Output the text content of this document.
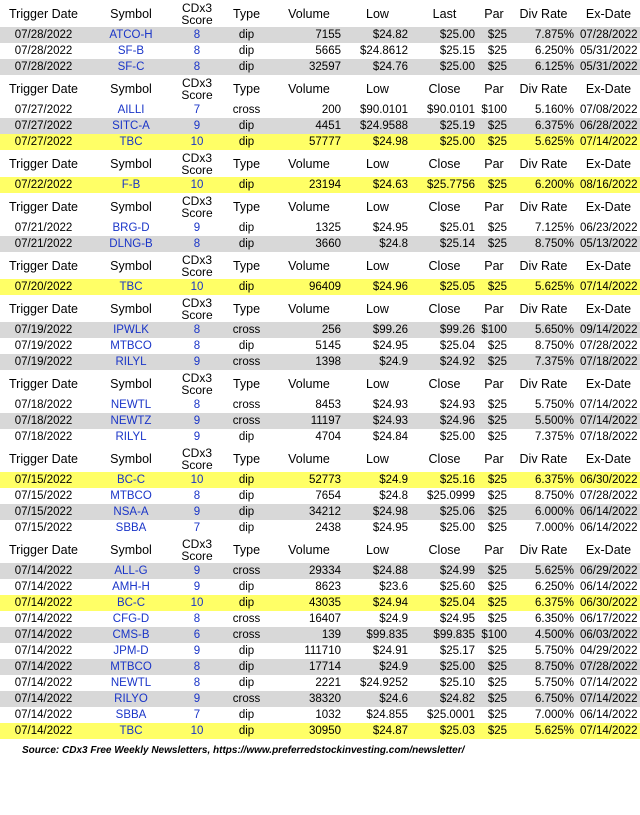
Trigger Date	Symbol	CDx3
Score	Type	Volume	Low	Last	Par	Div Rate	Ex-Date
07/28/2022	ATCO-H	8	dip	7155	$24.82	$25.00	$25	7.875%	07/28/2022
07/28/2022	SF-B	8	dip	5665	$24.8612	$25.15	$25	6.250%	05/31/2022
07/28/2022	SF-C	8	dip	32597	$24.76	$25.00	$25	6.125%	05/31/2022
Trigger Date	Symbol	CDx3
Score	Type	Volume	Low	Close	Par	Div Rate	Ex-Date
07/27/2022	AILLI	7	cross	200	$90.0101	$90.0101	$100	5.160%	07/08/2022
07/27/2022	SITC-A	9	dip	4451	$24.9588	$25.19	$25	6.375%	06/28/2022
07/27/2022	TBC	10	dip	57777	$24.98	$25.00	$25	5.625%	07/14/2022
Trigger Date	Symbol	CDx3
Score	Type	Volume	Low	Close	Par	Div Rate	Ex-Date
07/22/2022	F-B	10	dip	23194	$24.63	$25.7756	$25	6.200%	08/16/2022
Trigger Date	Symbol	CDx3
Score	Type	Volume	Low	Close	Par	Div Rate	Ex-Date
07/21/2022	BRG-D	9	dip	1325	$24.95	$25.01	$25	7.125%	06/23/2022
07/21/2022	DLNG-B	8	dip	3660	$24.8	$25.14	$25	8.750%	05/13/2022
Trigger Date	Symbol	CDx3
Score	Type	Volume	Low	Close	Par	Div Rate	Ex-Date
07/20/2022	TBC	10	dip	96409	$24.96	$25.05	$25	5.625%	07/14/2022
Trigger Date	Symbol	CDx3
Score	Type	Volume	Low	Close	Par	Div Rate	Ex-Date
07/19/2022	IPWLK	8	cross	256	$99.26	$99.26	$100	5.650%	09/14/2022
07/19/2022	MTBCO	8	dip	5145	$24.95	$25.04	$25	8.750%	07/28/2022
07/19/2022	RILYL	9	cross	1398	$24.9	$24.92	$25	7.375%	07/18/2022
Trigger Date	Symbol	CDx3
Score	Type	Volume	Low	Close	Par	Div Rate	Ex-Date
07/18/2022	NEWTL	8	cross	8453	$24.93	$24.93	$25	5.750%	07/14/2022
07/18/2022	NEWTZ	9	cross	11197	$24.93	$24.96	$25	5.500%	07/14/2022
07/18/2022	RILYL	9	dip	4704	$24.84	$25.00	$25	7.375%	07/18/2022
Trigger Date	Symbol	CDx3
Score	Type	Volume	Low	Close	Par	Div Rate	Ex-Date
07/15/2022	BC-C	10	dip	52773	$24.9	$25.16	$25	6.375%	06/30/2022
07/15/2022	MTBCO	8	dip	7654	$24.8	$25.0999	$25	8.750%	07/28/2022
07/15/2022	NSA-A	9	dip	34212	$24.98	$25.06	$25	6.000%	06/14/2022
07/15/2022	SBBA	7	dip	2438	$24.95	$25.00	$25	7.000%	06/14/2022
Trigger Date	Symbol	CDx3
Score	Type	Volume	Low	Close	Par	Div Rate	Ex-Date
07/14/2022	ALL-G	9	cross	29334	$24.88	$24.99	$25	5.625%	06/29/2022
07/14/2022	AMH-H	9	dip	8623	$23.6	$25.60	$25	6.250%	06/14/2022
07/14/2022	BC-C	10	dip	43035	$24.94	$25.04	$25	6.375%	06/30/2022
07/14/2022	CFG-D	8	cross	16407	$24.9	$24.95	$25	6.350%	06/17/2022
07/14/2022	CMS-B	6	cross	139	$99.835	$99.835	$100	4.500%	06/03/2022
07/14/2022	JPM-D	9	dip	111710	$24.91	$25.17	$25	5.750%	04/29/2022
07/14/2022	MTBCO	8	dip	17714	$24.9	$25.00	$25	8.750%	07/28/2022
07/14/2022	NEWTL	8	dip	2221	$24.9252	$25.10	$25	5.750%	07/14/2022
07/14/2022	RILYO	9	cross	38320	$24.6	$24.82	$25	6.750%	07/14/2022
07/14/2022	SBBA	7	dip	1032	$24.855	$25.0001	$25	7.000%	06/14/2022
07/14/2022	TBC	10	dip	30950	$24.87	$25.03	$25	5.625%	07/14/2022
Source: CDx3 Free Weekly Newsletters, https://www.preferredstockinvesting.com/newsletter/
